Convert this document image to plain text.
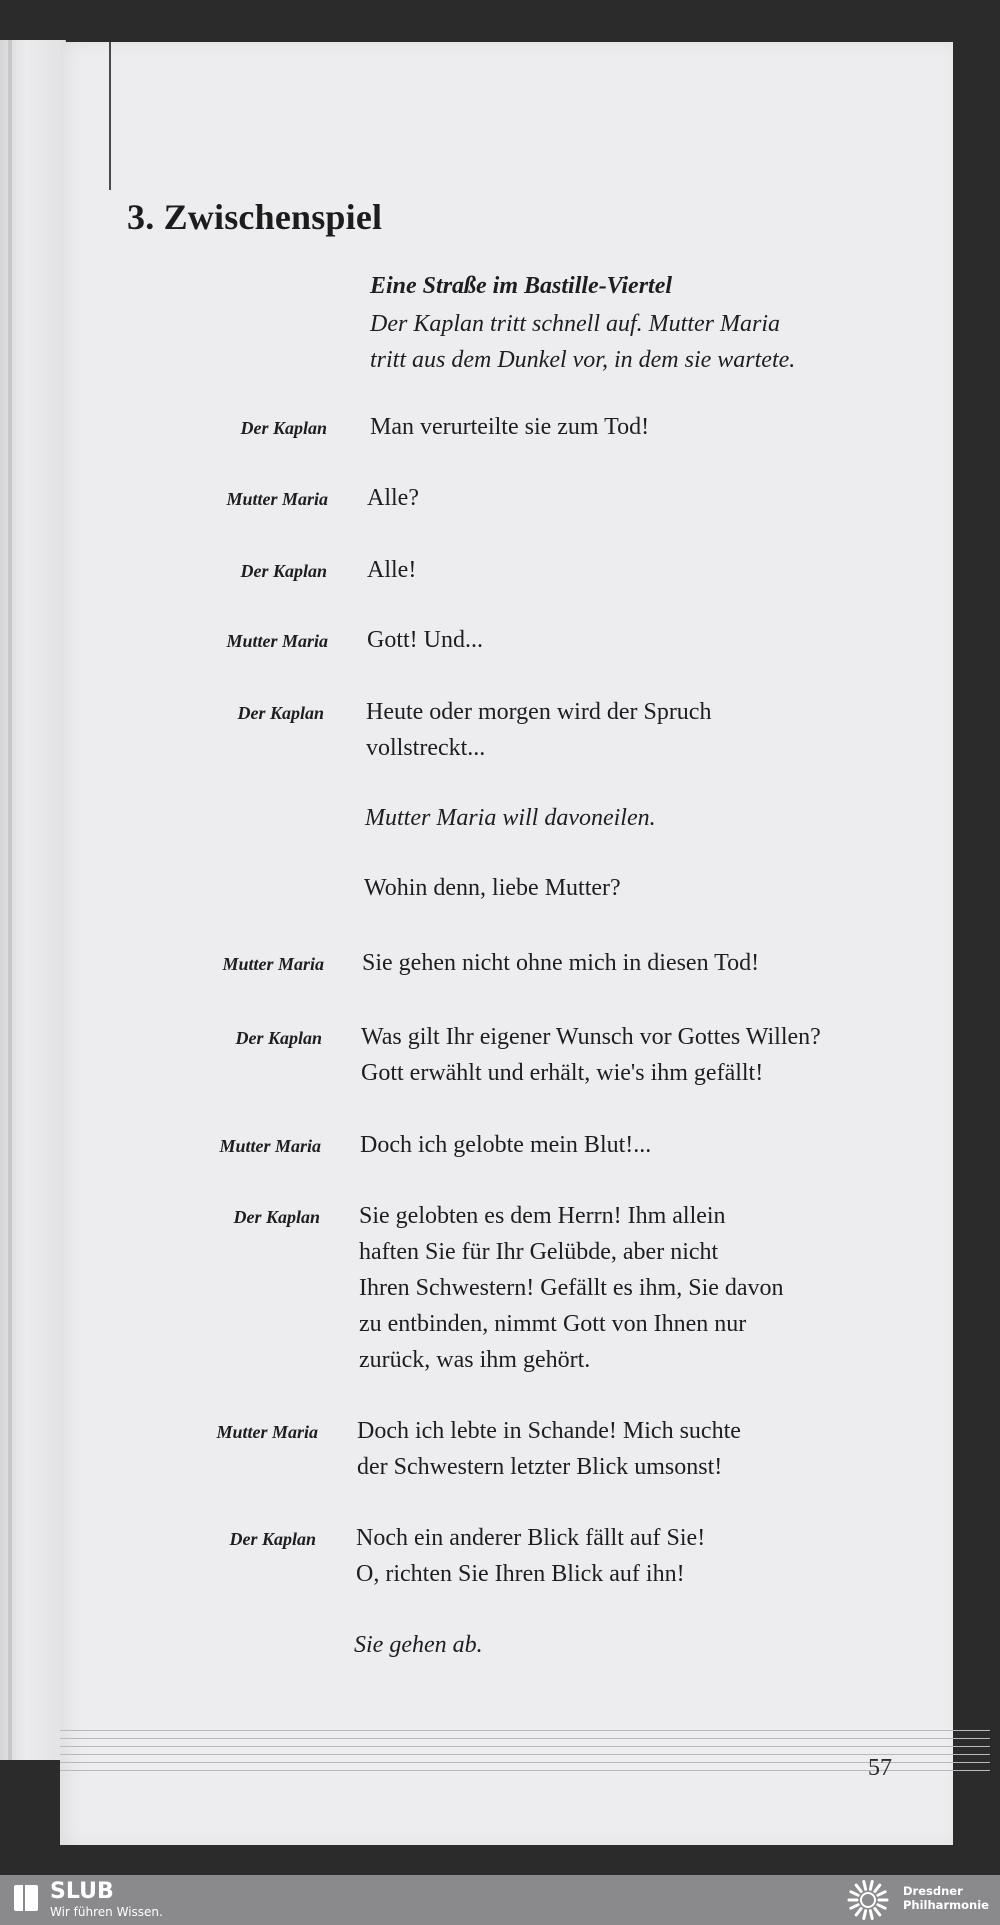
57
3. Zwischenspiel
Eine Straße im Bastille-Viertel
Der Kaplan tritt schnell auf. Mutter Maria
tritt aus dem Dunkel vor, in dem sie wartete.
Man verurteilte sie zum Tod!
Der Kaplan
Alle?
Mutter Maria
Alle!
Der Kaplan
Gott! Und...
Mutter Maria
Heute oder morgen wird der Spruch
Der Kaplan
vollstreckt...
Mutter Maria will davoneilen.
Wohin denn, liebe Mutter?
Sie gehen nicht ohne mich in diesen Tod!
Mutter Maria
Was gilt Ihr eigener Wunsch vor Gottes Willen?
Der Kaplan
Gott erwählt und erhält, wie's ihm gefällt!
Doch ich gelobte mein Blut!...
Mutter Maria
Sie gelobten es dem Herrn! Ihm allein
Der Kaplan
haften Sie für Ihr Gelübde, aber nicht
Ihren Schwestern! Gefällt es ihm, Sie davon
zu entbinden, nimmt Gott von Ihnen nur
zurück, was ihm gehört.
Doch ich lebte in Schande! Mich suchte
Mutter Maria
der Schwestern letzter Blick umsonst!
Noch ein anderer Blick fällt auf Sie!
Der Kaplan
O, richten Sie Ihren Blick auf ihn!
Sie gehen ab.
SLUB
Wir führen Wissen.
Dresdner
Philharmonie
